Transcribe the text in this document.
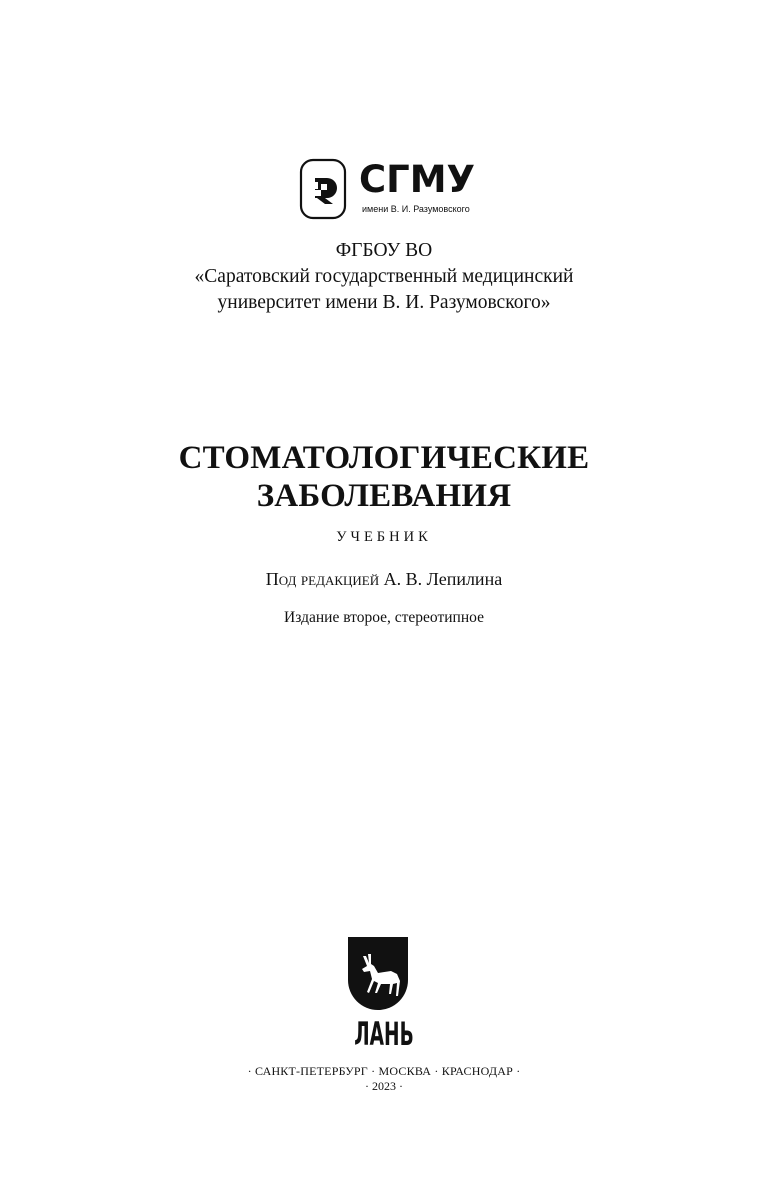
СГМУ
имени В. И. Разумовского
ФГБОУ ВО
«Саратовский государственный медицинский
университет имени В. И. Разумовского»
СТОМАТОЛОГИЧЕСКИЕ
ЗАБОЛЕВАНИЯ
УЧЕБНИК
Под редакцией А. В. Лепилина
Издание второе, стереотипное
ЛАНЬ
· САНКТ-ПЕТЕРБУРГ · МОСКВА · КРАСНОДАР ·
· 2023 ·
